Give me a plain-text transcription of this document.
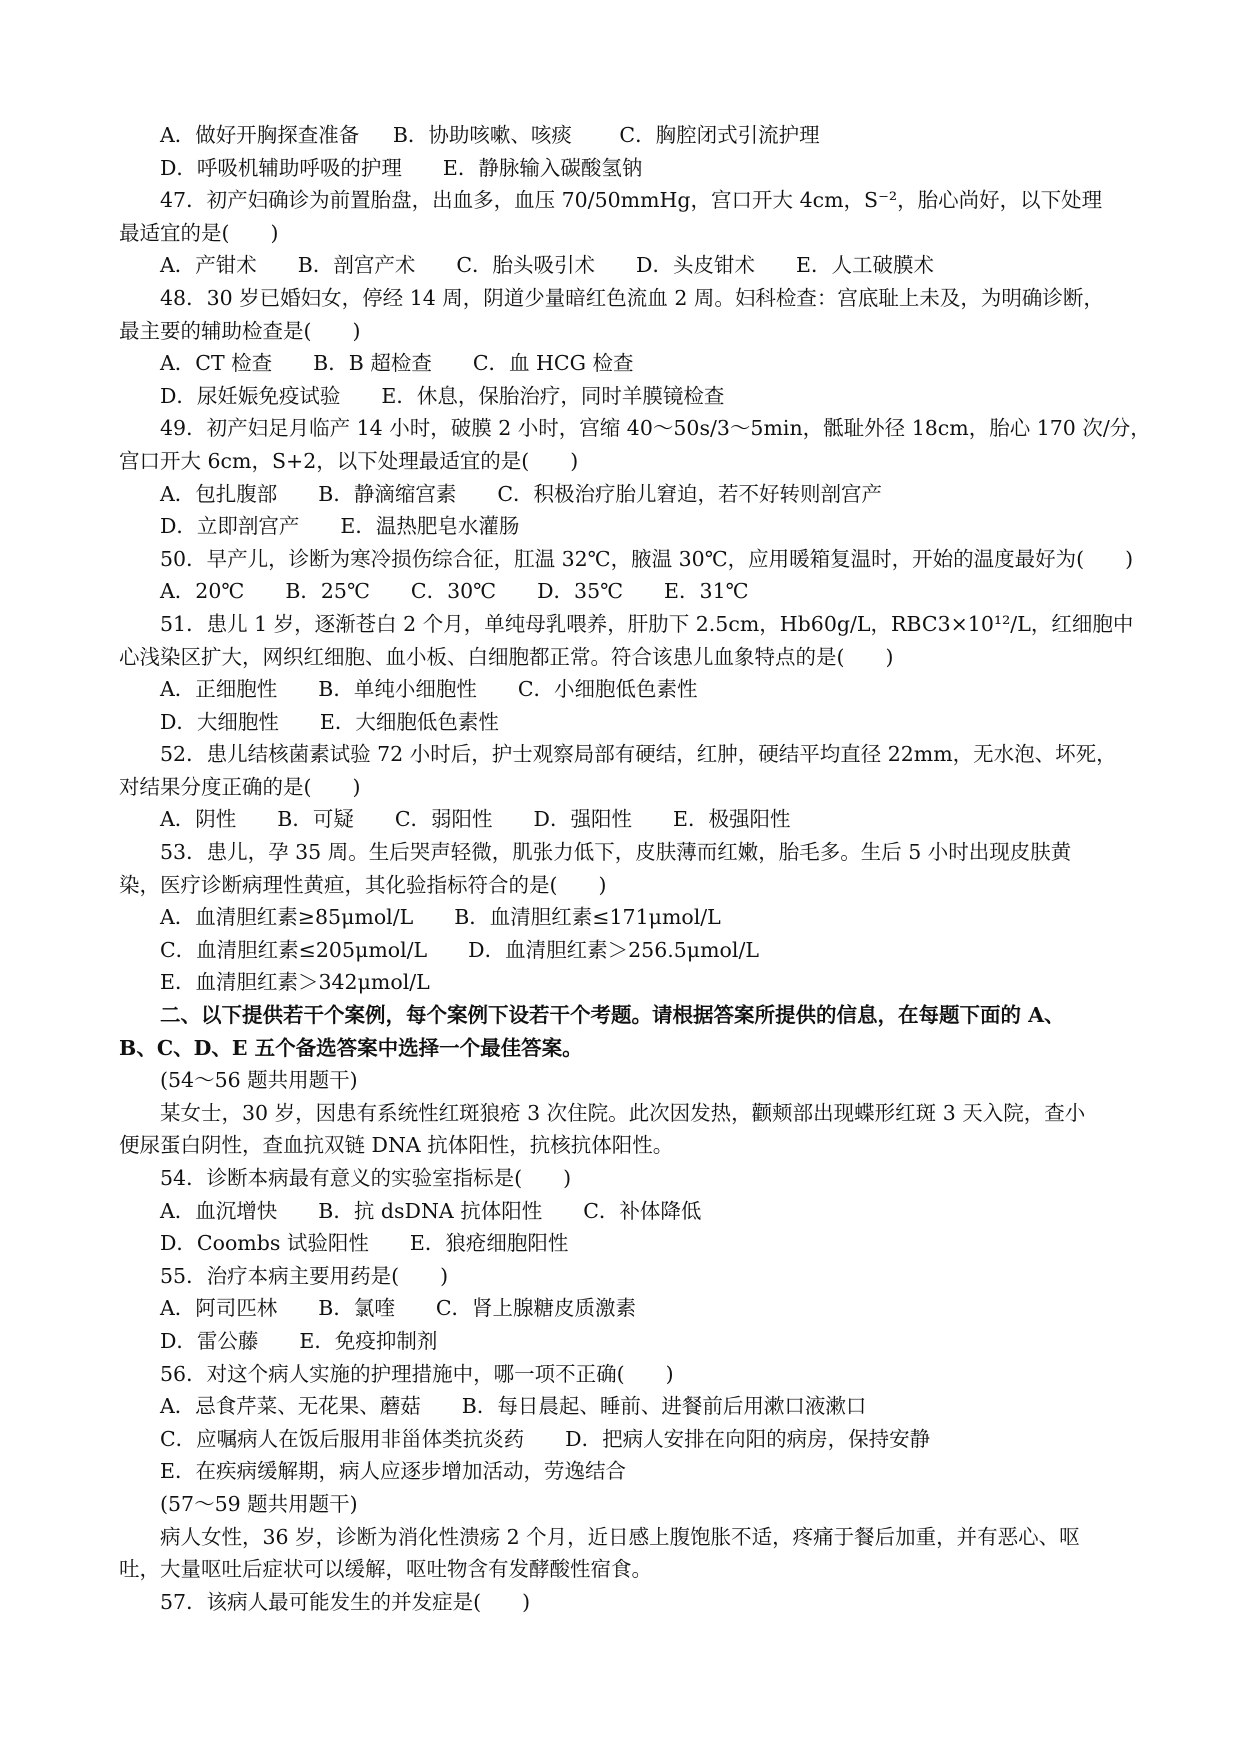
A．做好开胸探查准备 　 B．协助咳嗽、咳痰 　　C．胸腔闭式引流护理
D．呼吸机辅助呼吸的护理　　E．静脉输入碳酸氢钠
47．初产妇确诊为前置胎盘，出血多，血压 70/50mmHg，宫口开大 4cm，S⁻²，胎心尚好，以下处理
最适宜的是(　　)
A．产钳术　　B．剖宫产术　　C．胎头吸引术　　D．头皮钳术　　E．人工破膜术
48．30 岁已婚妇女，停经 14 周，阴道少量暗红色流血 2 周。妇科检查：宫底耻上未及，为明确诊断，
最主要的辅助检查是(　　)
A．CT 检查　　B．B 超检查　　C．血 HCG 检查
D．尿妊娠免疫试验　　E．休息，保胎治疗，同时羊膜镜检查
49．初产妇足月临产 14 小时，破膜 2 小时，宫缩 40～50s/3～5min，骶耻外径 18cm，胎心 170 次/分，
宫口开大 6cm，S+2，以下处理最适宜的是(　　)
A．包扎腹部　　B．静滴缩宫素　　C．积极治疗胎儿窘迫，若不好转则剖宫产
D．立即剖宫产　　E．温热肥皂水灌肠
50．早产儿，诊断为寒冷损伤综合征，肛温 32℃，腋温 30℃，应用暖箱复温时，开始的温度最好为(　　)
A．20℃　　B．25℃　　C．30℃　　D．35℃　　E．31℃
51．患儿 1 岁，逐渐苍白 2 个月，单纯母乳喂养，肝肋下 2.5cm，Hb60g/L，RBC3×10¹²/L，红细胞中
心浅染区扩大，网织红细胞、血小板、白细胞都正常。符合该患儿血象特点的是(　　)
A．正细胞性　　B．单纯小细胞性　　C．小细胞低色素性
D．大细胞性　　E．大细胞低色素性
52．患儿结核菌素试验 72 小时后，护士观察局部有硬结，红肿，硬结平均直径 22mm，无水泡、坏死，
对结果分度正确的是(　　)
A．阴性　　B．可疑　　C．弱阳性　　D．强阳性　　E．极强阳性
53．患儿，孕 35 周。生后哭声轻微，肌张力低下，皮肤薄而红嫩，胎毛多。生后 5 小时出现皮肤黄
染，医疗诊断病理性黄疸，其化验指标符合的是(　　)
A．血清胆红素≥85μmol/L　　B．血清胆红素≤171μmol/L
C．血清胆红素≤205μmol/L　　D．血清胆红素＞256.5μmol/L
E．血清胆红素＞342μmol/L
二、以下提供若干个案例，每个案例下设若干个考题。请根据答案所提供的信息，在每题下面的 A、
B、C、D、E 五个备选答案中选择一个最佳答案。
(54～56 题共用题干)
某女士，30 岁，因患有系统性红斑狼疮 3 次住院。此次因发热，颧颊部出现蝶形红斑 3 天入院，查小
便尿蛋白阴性，查血抗双链 DNA 抗体阳性，抗核抗体阳性。
54．诊断本病最有意义的实验室指标是(　　)
A．血沉增快　　B．抗 dsDNA 抗体阳性　　C．补体降低
D．Coombs 试验阳性　　E．狼疮细胞阳性
55．治疗本病主要用药是(　　)
A．阿司匹林　　B．氯喹　　C．肾上腺糖皮质激素
D．雷公藤　　E．免疫抑制剂
56．对这个病人实施的护理措施中，哪一项不正确(　　)
A．忌食芹菜、无花果、蘑菇　　B．每日晨起、睡前、进餐前后用漱口液漱口
C．应嘱病人在饭后服用非甾体类抗炎药　　D．把病人安排在向阳的病房，保持安静
E．在疾病缓解期，病人应逐步增加活动，劳逸结合
(57～59 题共用题干)
病人女性，36 岁，诊断为消化性溃疡 2 个月，近日感上腹饱胀不适，疼痛于餐后加重，并有恶心、呕
吐，大量呕吐后症状可以缓解，呕吐物含有发酵酸性宿食。
57．该病人最可能发生的并发症是(　　)
